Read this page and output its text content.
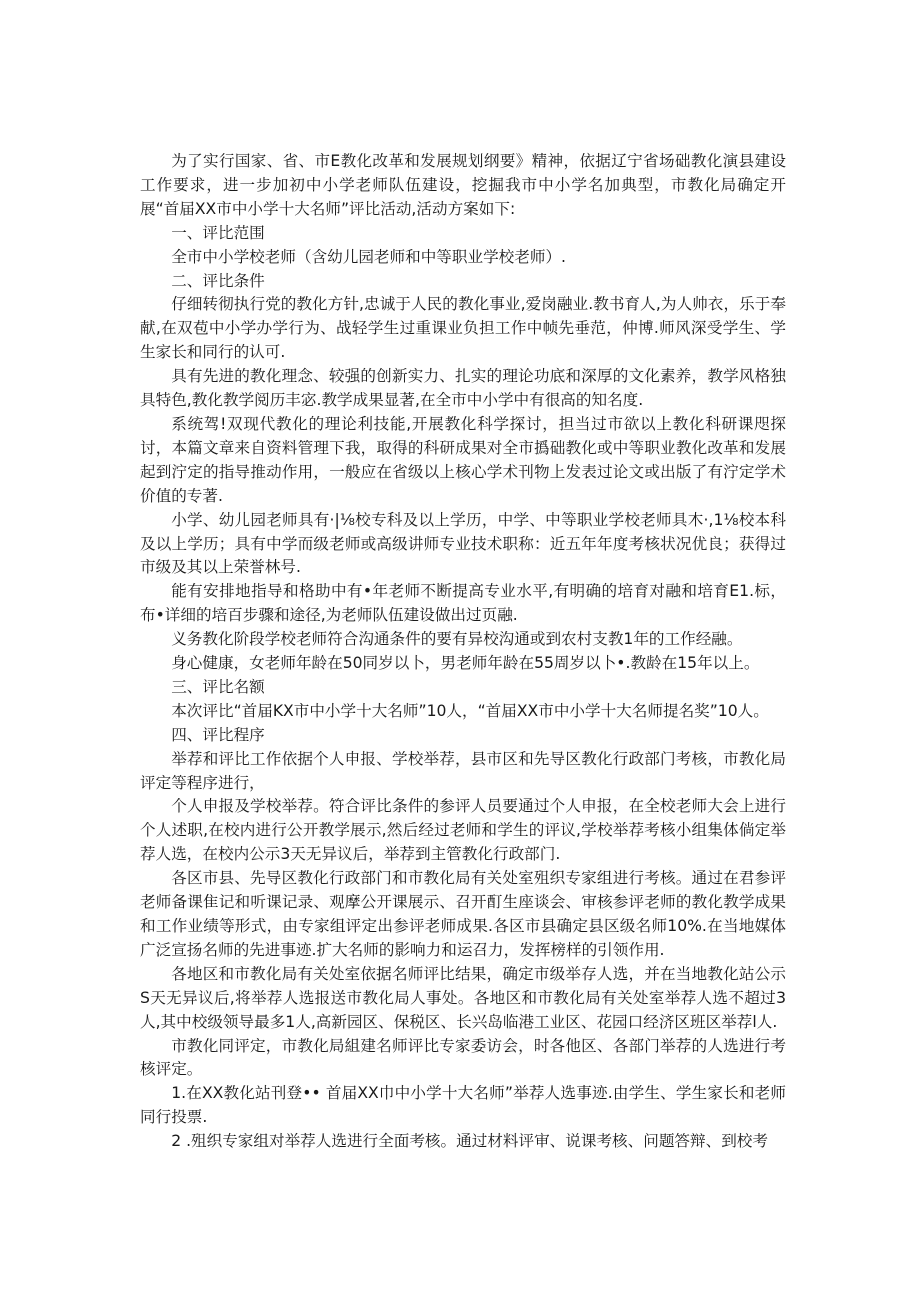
为了实行国家、省、市E教化改革和发展规划纲要》精神，依据辽宁省场础教化演县建设工作要求，进一步加初中小学老师队伍建设，挖掘我市中小学名加典型，市教化局确定开展“首届XX市中小学十大名师”评比活动,活动方案如下:

一、评比范围

全市中小学校老师（含幼儿园老师和中等职业学校老师）.

二、评比条件

仔细转彻执行党的教化方针,忠诚于人民的教化事业,爱岗融业.教书育人,为人帅衣，乐于奉献,在双苞中小学办学行为、战轻学生过重课业负担工作中帧先垂范，仲博.师风深受学生、学生家长和同行的认可.

具有先进的教化理念、较强的创新实力、扎实的理论功底和深厚的文化素养，教学风格独具特色,教化教学阅历丰宓.教学成果显著,在全市中小学中有很高的知名度.

系统驾!双现代教化的理论利技能,开展教化科学探讨，担当过市欲以上教化科研课咫探讨，本篇文章来自资料管理下我，取得的科研成果对全市撝础教化或中等职业教化改革和发展起到泞定的指导推动作用，一般应在省级以上核心学术刊物上发表过论文或出版了有泞定学术价值的专著.

小学、幼儿园老师具有·|⅛校专科及以上学历，中学、中等职业学校老师具木·,1⅛校本科及以上学历；具有中学而级老师或高级讲师专业技术职称：近五年年度考核状况优良；获得过市级及其以上荣誉林号.

能有安排地指导和格助中有•年老师不断提高专业水平,有明确的培育对融和培育E1.标，布•详细的培百步骤和途径,为老师队伍建设做出过页融.

义务教化阶段学校老师符合沟通条件的要有异校沟通或到农村支教1年的工作经融。

身心健康，女老师年龄在50同岁以卜，男老师年龄在55周岁以卜•.教龄在15年以上。

三、评比名额

本次评比“首届KX市中小学十大名师”10人，“首届XX市中小学十大名师提名奖”10人。

四、评比程序

举荐和评比工作依据个人申报、学校举荐，县市区和先导区教化行政部门考核，市教化局评定等程序进行，

个人申报及学校举荐。符合评比条件的参评人员要通过个人申报，在全校老师大会上进行个人述职,在校内进行公开教学展示,然后经过老师和学生的评议,学校举荐考核小组集体倘定举荐人选，在校内公示3天无异议后，举荐到主管教化行政部门.

各区市县、先导区教化行政部门和市教化局有关处室殂织专家组进行考核。通过在君参评老师备课隹记和听课记录、观摩公开课展示、召开酊生座谈会、审核参评老师的教化教学成果和工作业绩等形式，由专家组评定出参评老师成果.各区市县确定县区级名师10%.在当地媒体广泛宣扬名师的先进事迹.扩大名师的影响力和运召力，发挥榜样的引领作用.

各地区和市教化局有关处室依据名师评比结果，确定市级举存人选，并在当地教化站公示S天无异议后,将举荐人选报送市教化局人事处。各地区和市教化局有关处室举荐人选不超过3人,其中校级领导最多1人,高新园区、保税区、长兴岛临港工业区、花园口经济区班区举荐l人.

市教化同评定，市教化局組建名师评比专家委访会，时各他区、各部门举荐的人选进行考核评定。

1.在XX教化站刊登•• 首届XX巾中小学十大名师”举荐人选事迹.由学生、学生家长和老师同行投票.

2 .殂织专家组对举荐人选进行全面考核。通过材料评审、说课考核、问题答辩、到校考
